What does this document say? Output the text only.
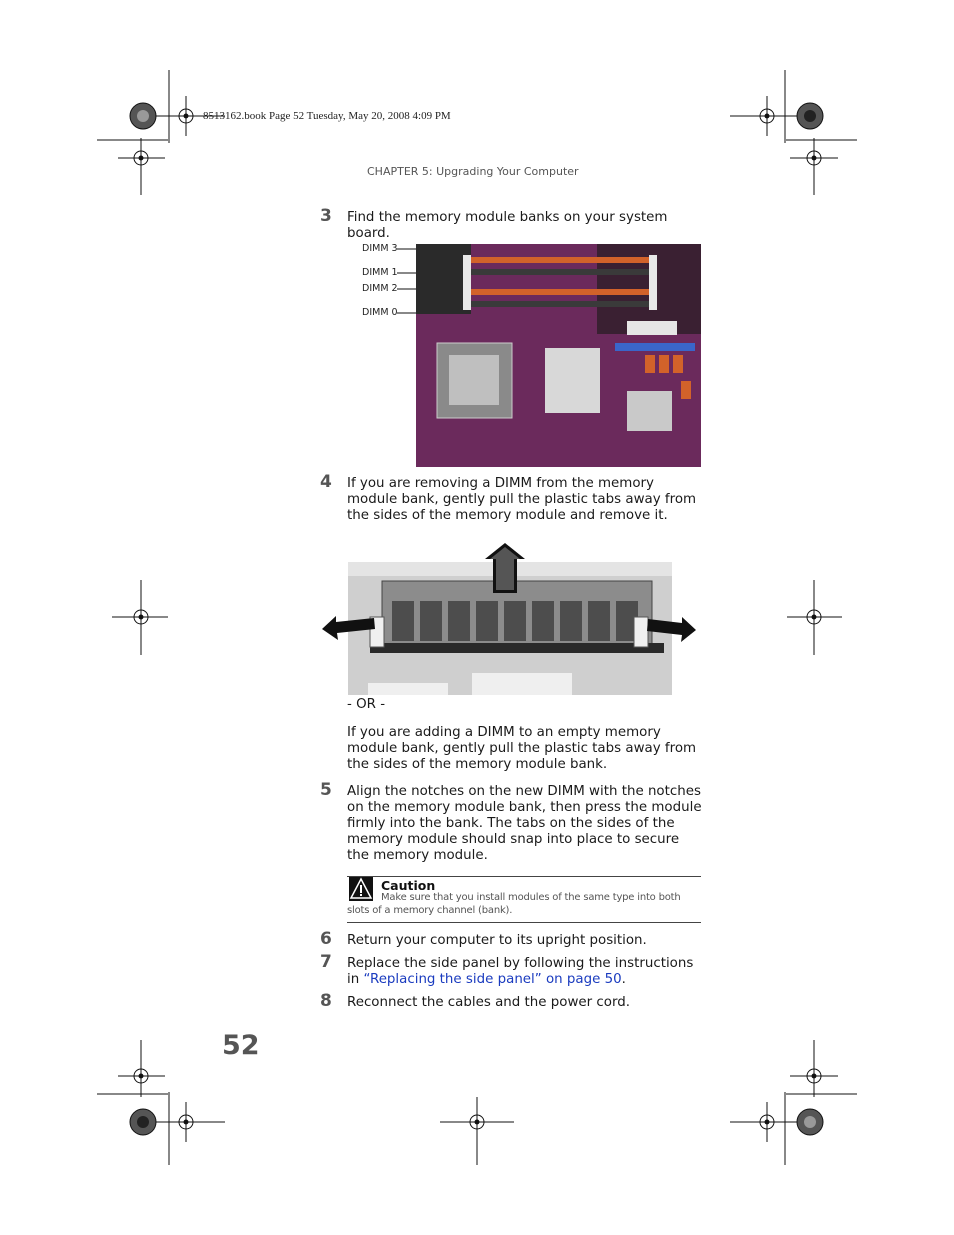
8513162.book Page 52 Tuesday, May 20, 2008 4:09 PM
CHAPTER 5: Upgrading Your Computer
3 Find the memory module banks on your system board.
DIMM 3
DIMM 1
DIMM 2
DIMM 0
4 If you are removing a DIMM from the memory module bank, gently pull the plastic tabs away from the sides of the memory module and remove it.
- OR -
If you are adding a DIMM to an empty memory module bank, gently pull the plastic tabs away from the sides of the memory module bank.
5 Align the notches on the new DIMM with the notches on the memory module bank, then press the module firmly into the bank. The tabs on the sides of the memory module should snap into place to secure the memory module.
Caution
Make sure that you install modules of the same type into both slots of a memory channel (bank).
6 Return your computer to its upright position.
7 Replace the side panel by following the instructions in “Replacing the side panel” on page 50.
8 Reconnect the cables and the power cord.
52
